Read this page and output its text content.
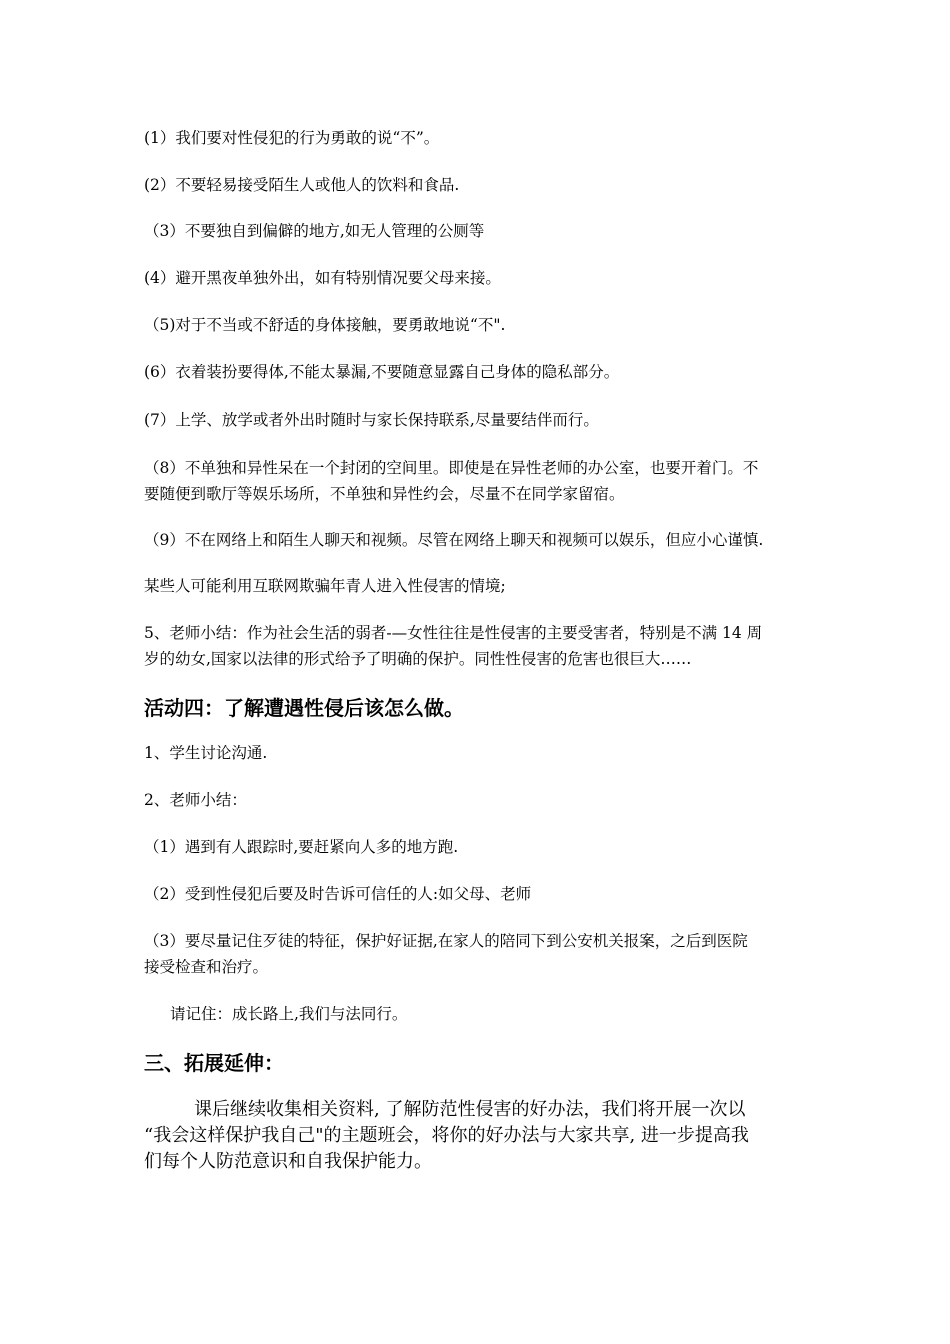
(1）我们要对性侵犯的行为勇敢的说“不”。
(2）不要轻易接受陌生人或他人的饮料和食品.
（3）不要独自到偏僻的地方,如无人管理的公厕等
(4）避开黑夜单独外出，如有特别情况要父母来接。
（5)对于不当或不舒适的身体接触，要勇敢地说“不".
(6）衣着装扮要得体,不能太暴漏,不要随意显露自己身体的隐私部分。
(7）上学、放学或者外出时随时与家长保持联系,尽量要结伴而行。
（8）不单独和异性呆在一个封闭的空间里。即使是在异性老师的办公室，也要开着门。不
要随便到歌厅等娱乐场所，不单独和异性约会，尽量不在同学家留宿。
（9）不在网络上和陌生人聊天和视频。尽管在网络上聊天和视频可以娱乐，但应小心谨慎.
某些人可能利用互联网欺骗年青人进入性侵害的情境;
5、老师小结：作为社会生活的弱者-—女性往往是性侵害的主要受害者，特别是不满 14 周
岁的幼女,国家以法律的形式给予了明确的保护。同性性侵害的危害也很巨大……
活动四：了解遭遇性侵后该怎么做。
1、学生讨论沟通.
2、老师小结：
（1）遇到有人跟踪时,要赶紧向人多的地方跑.
（2）受到性侵犯后要及时告诉可信任的人:如父母、老师
（3）要尽量记住歹徒的特征，保护好证据,在家人的陪同下到公安机关报案，之后到医院
接受检查和治疗。
请记住：成长路上,我们与法同行。
三、拓展延伸：
课后继续收集相关资料, 了解防范性侵害的好办法，我们将开展一次以
“我会这样保护我自己"的主题班会，将你的好办法与大家共享, 进一步提高我
们每个人防范意识和自我保护能力。
